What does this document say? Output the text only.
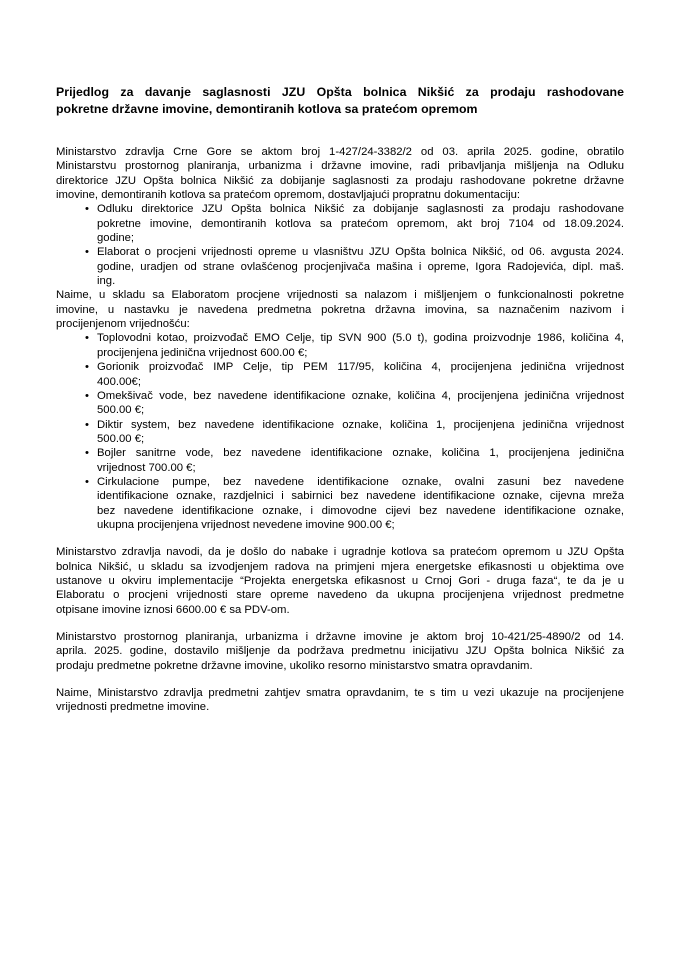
Prijedlog za davanje saglasnosti JZU Opšta bolnica Nikšić za prodaju rashodovane
pokretne državne imovine, demontiranih kotlova sa pratećom opremom

Ministarstvo zdravlja Crne Gore se aktom broj 1-427/24-3382/2 od 03. aprila 2025. godine, obratilo
Ministarstvu prostornog planiranja, urbanizma i državne imovine, radi pribavljanja mišljenja na Odluku
direktorice JZU Opšta bolnica Nikšić za dobijanje saglasnosti za prodaju rashodovane pokretne državne
imovine, demontiranih kotlova sa pratećom opremom, dostavljajući propratnu dokumentaciju:

• Odluku direktorice JZU Opšta bolnica Nikšić za dobijanje saglasnosti za prodaju rashodovane
pokretne imovine, demontiranih kotlova sa pratećom opremom, akt broj 7104 od 18.09.2024.
godine;
• Elaborat o procjeni vrijednosti opreme u vlasništvu JZU Opšta bolnica Nikšić, od 06. avgusta 2024.
godine, uradjen od strane ovlašćenog procjenjivača mašina i opreme, Igora Radojevića, dipl. maš.
ing.

Naime, u skladu sa Elaboratom procjene vrijednosti sa nalazom i mišljenjem o funkcionalnosti pokretne
imovine, u nastavku je navedena predmetna pokretna državna imovina, sa naznačenim nazivom i
procijenjenom vrijednošću:

• Toplovodni kotao, proizvođač EMO Celje, tip SVN 900 (5.0 t), godina proizvodnje 1986, količina 4,
procijenjena jedinična vrijednost 600.00 €;
• Gorionik proizvođač IMP Celje, tip PEM 117/95, količina 4, procijenjena jedinična vrijednost
400.00€;
• Omekšivač vode, bez navedene identifikacione oznake, količina 4, procijenjena jedinična vrijednost
500.00 €;
• Diktir system, bez navedene identifikacione oznake, količina 1, procijenjena jedinična vrijednost
500.00 €;
• Bojler sanitrne vode, bez navedene identifikacione oznake, količina 1, procijenjena jedinična
vrijednost 700.00 €;
• Cirkulacione pumpe, bez navedene identifikacione oznake, ovalni zasuni bez navedene
identifikacione oznake, razdjelnici i sabirnici bez navedene identifikacione oznake, cijevna mreža
bez navedene identifikacione oznake, i dimovodne cijevi bez navedene identifikacione oznake,
ukupna procijenjena vrijednost nevedene imovine 900.00 €;

Ministarstvo zdravlja navodi, da je došlo do nabake i ugradnje kotlova sa pratećom opremom u JZU Opšta
bolnica Nikšić, u skladu sa izvodjenjem radova na primjeni mjera energetske efikasnosti u objektima ove
ustanove u okviru implementacije “Projekta energetska efikasnost u Crnoj Gori - druga faza“, te da je u
Elaboratu o procjeni vrijednosti stare opreme navedeno da ukupna procijenjena vrijednost predmetne
otpisane imovine iznosi 6600.00 € sa PDV-om.

Ministarstvo prostornog planiranja, urbanizma i državne imovine je aktom broj 10-421/25-4890/2 od 14.
aprila. 2025. godine, dostavilo mišljenje da podržava predmetnu inicijativu JZU Opšta bolnica Nikšić za
prodaju predmetne pokretne državne imovine, ukoliko resorno ministarstvo smatra opravdanim.

Naime, Ministarstvo zdravlja predmetni zahtjev smatra opravdanim, te s tim u vezi ukazuje na procijenjene
vrijednosti predmetne imovine.
